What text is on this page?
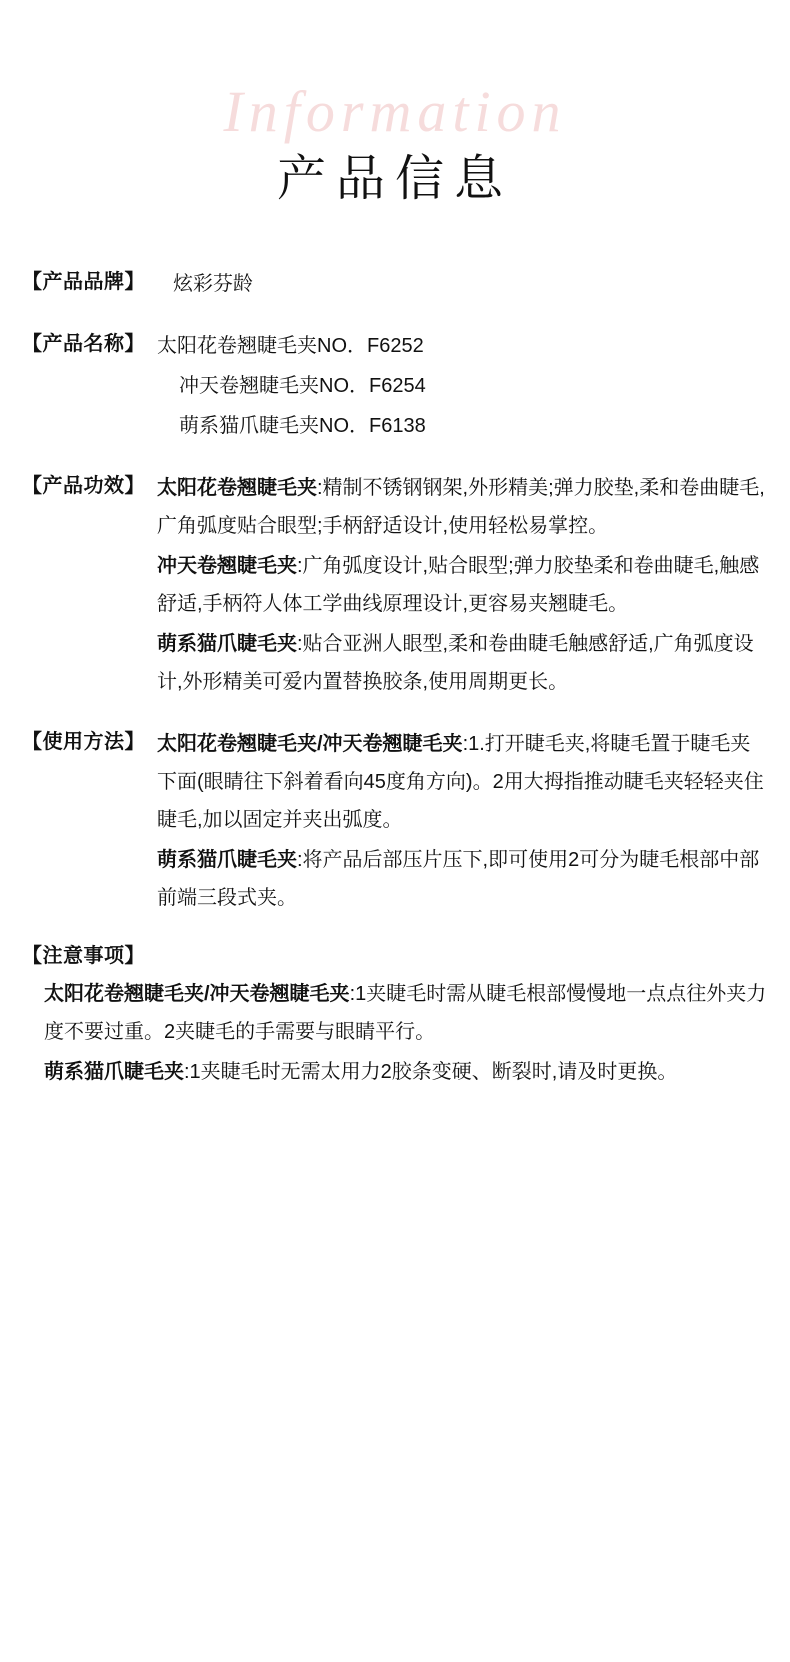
Information
产品信息
【产品品牌】 炫彩芬龄
【产品名称】 太阳花卷翘睫毛夹NO．F6252
冲天卷翘睫毛夹NO．F6254
萌系猫爪睫毛夹NO．F6138
【产品功效】 太阳花卷翘睫毛夹:精制不锈钢钢架,外形精美;弹力胶垫,柔和卷曲睫毛,广角弧度贴合眼型;手柄舒适设计,使用轻松易掌控。

冲天卷翘睫毛夹:广角弧度设计,贴合眼型;弹力胶垫柔和卷曲睫毛,触感舒适,手柄符人体工学曲线原理设计,更容易夹翘睫毛。

萌系猫爪睫毛夹:贴合亚洲人眼型,柔和卷曲睫毛触感舒适,广角弧度设计,外形精美可爱内置替换胶条,使用周期更长。

【使用方法】 太阳花卷翘睫毛夹/冲天卷翘睫毛夹:1.打开睫毛夹,将睫毛置于睫毛夹下面(眼睛往下斜着看向45度角方向)。2用大拇指推动睫毛夹轻轻夹住睫毛,加以固定并夹出弧度。

萌系猫爪睫毛夹:将产品后部压片压下,即可使用2可分为睫毛根部中部前端三段式夹。

【注意事项】

太阳花卷翘睫毛夹/冲天卷翘睫毛夹:1夹睫毛时需从睫毛根部慢慢地一点点往外夹力度不要过重。2夹睫毛的手需要与眼睛平行。

萌系猫爪睫毛夹:1夹睫毛时无需太用力2胶条变硬、断裂时,请及时更换。
